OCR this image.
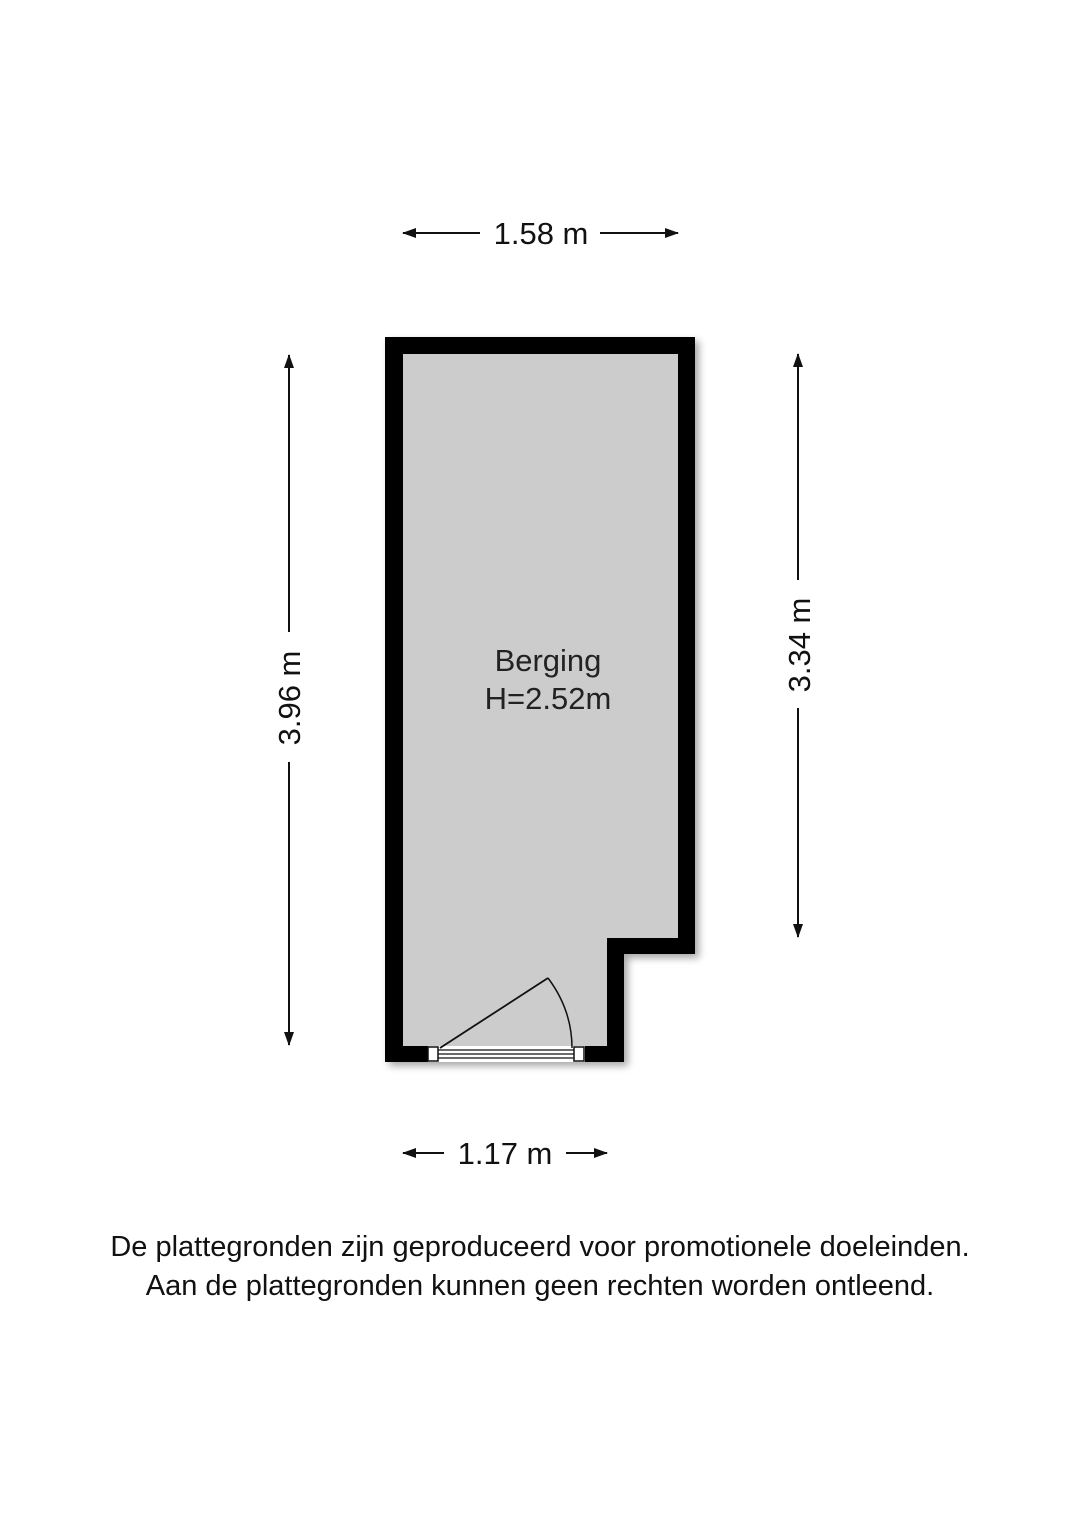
1.58 m
3.96 m
3.34 m
Berging
H=2.52m
1.17 m
De plattegronden zijn geproduceerd voor promotionele doeleinden.
Aan de plattegronden kunnen geen rechten worden ontleend.
